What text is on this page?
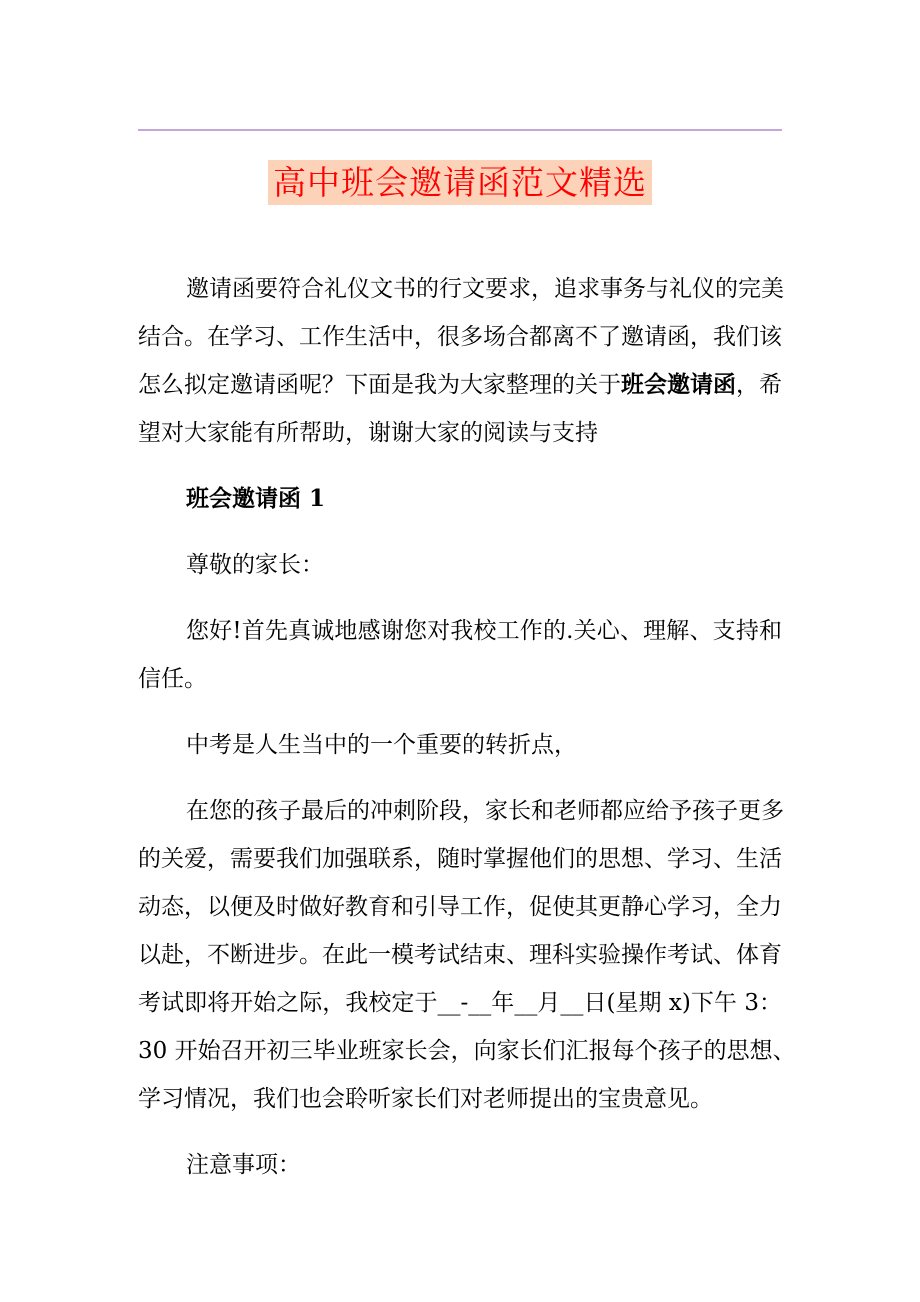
高中班会邀请函范文精选
邀请函要符合礼仪文书的行文要求，追求事务与礼仪的完美
结合。在学习、工作生活中，很多场合都离不了邀请函，我们该
怎么拟定邀请函呢？下面是我为大家整理的关于班会邀请函，希
望对大家能有所帮助，谢谢大家的阅读与支持
班会邀请函 1
尊敬的家长：
您好!首先真诚地感谢您对我校工作的.关心、理解、支持和
信任。
中考是人生当中的一个重要的转折点，
在您的孩子最后的冲刺阶段，家长和老师都应给予孩子更多
的关爱，需要我们加强联系，随时掌握他们的思想、学习、生活
动态，以便及时做好教育和引导工作，促使其更静心学习，全力
以赴，不断进步。在此一模考试结束、理科实验操作考试、体育
考试即将开始之际，我校定于__-__年__月__日(星期 x)下午 3：
30 开始召开初三毕业班家长会，向家长们汇报每个孩子的思想、
学习情况，我们也会聆听家长们对老师提出的宝贵意见。
注意事项：
